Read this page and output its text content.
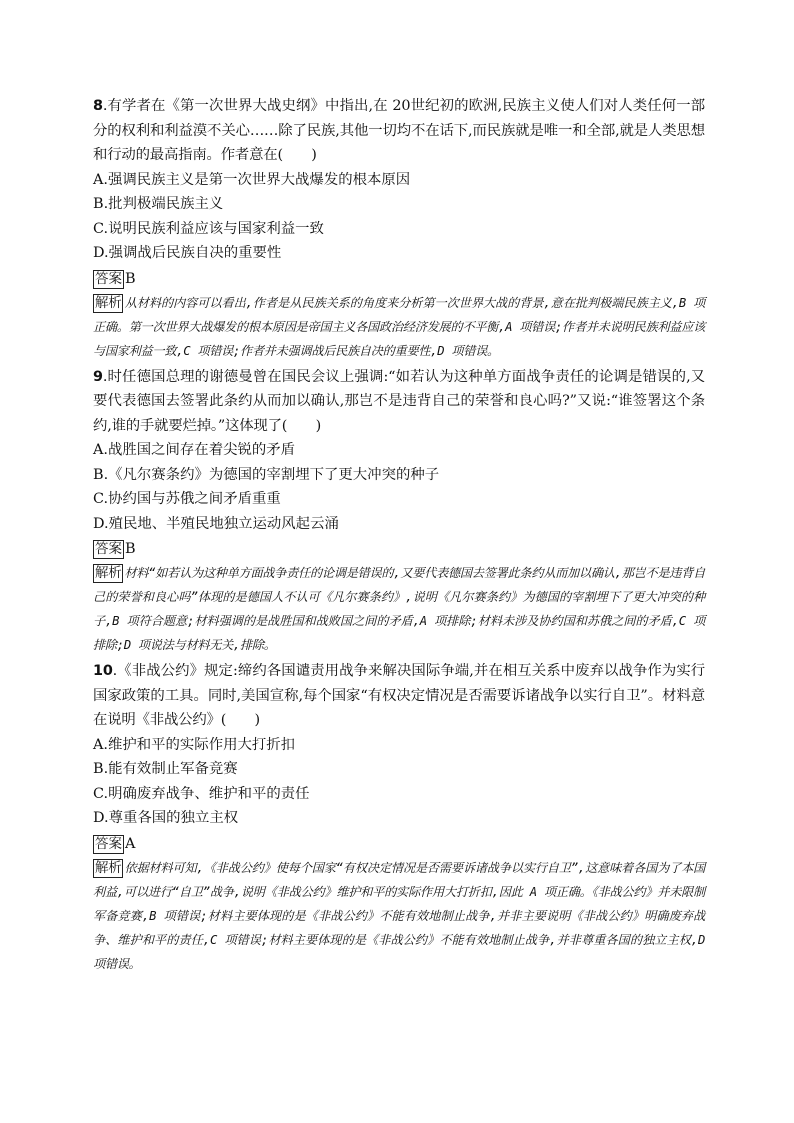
8.有学者在《第一次世界大战史纲》中指出,在 20世纪初的欧洲,民族主义使人们对人类任何一部分的权利和利益漠不关心……除了民族,其他一切均不在话下,而民族就是唯一和全部,就是人类思想和行动的最高指南。作者意在(　　)

A.强调民族主义是第一次世界大战爆发的根本原因

B.批判极端民族主义

C.说明民族利益应该与国家利益一致

D.强调战后民族自决的重要性

答案 B

解析 从材料的内容可以看出,作者是从民族关系的角度来分析第一次世界大战的背景,意在批判极端民族主义,B 项正确。第一次世界大战爆发的根本原因是帝国主义各国政治经济发展的不平衡,A 项错误;作者并未说明民族利益应该与国家利益一致,C 项错误;作者并未强调战后民族自决的重要性,D 项错误。

9.时任德国总理的谢德曼曾在国民会议上强调:“如若认为这种单方面战争责任的论调是错误的,又要代表德国去签署此条约从而加以确认,那岂不是违背自己的荣誉和良心吗?”又说:“谁签署这个条约,谁的手就要烂掉。”这体现了(　　)

A.战胜国之间存在着尖锐的矛盾

B.《凡尔赛条约》为德国的宰割埋下了更大冲突的种子

C.协约国与苏俄之间矛盾重重

D.殖民地、半殖民地独立运动风起云涌

答案 B

解析 材料“如若认为这种单方面战争责任的论调是错误的,又要代表德国去签署此条约从而加以确认,那岂不是违背自己的荣誉和良心吗”体现的是德国人不认可《凡尔赛条约》,说明《凡尔赛条约》为德国的宰割埋下了更大冲突的种子,B 项符合题意;材料强调的是战胜国和战败国之间的矛盾,A 项排除;材料未涉及协约国和苏俄之间的矛盾,C 项排除;D 项说法与材料无关,排除。

10.《非战公约》规定:缔约各国谴责用战争来解决国际争端,并在相互关系中废弃以战争作为实行国家政策的工具。同时,美国宣称,每个国家“有权决定情况是否需要诉诸战争以实行自卫”。材料意在说明《非战公约》(　　)

A.维护和平的实际作用大打折扣

B.能有效制止军备竞赛

C.明确废弃战争、维护和平的责任

D.尊重各国的独立主权

答案 A

解析 依据材料可知,《非战公约》使每个国家“有权决定情况是否需要诉诸战争以实行自卫”,这意味着各国为了本国利益,可以进行“自卫”战争,说明《非战公约》维护和平的实际作用大打折扣,因此 A 项正确。《非战公约》并未限制军备竞赛,B 项错误;材料主要体现的是《非战公约》不能有效地制止战争,并非主要说明《非战公约》明确废弃战争、维护和平的责任,C 项错误;材料主要体现的是《非战公约》不能有效地制止战争,并非尊重各国的独立主权,D 项错误。
